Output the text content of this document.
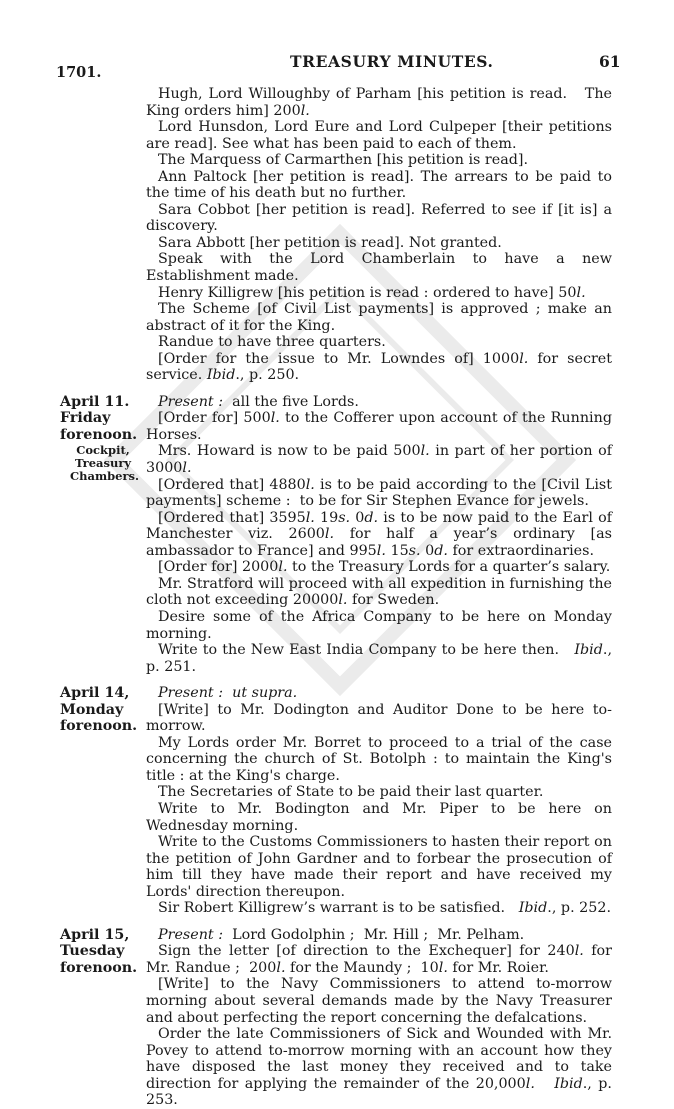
1701.
TREASURY MINUTES.	61

Hugh, Lord Willoughby of Parham [his petition is read.   The King orders him] 200l.

Lord Hunsdon, Lord Eure and Lord Culpeper [their petitions are read]. See what has been paid to each of them.

The Marquess of Carmarthen [his petition is read].

Ann Paltock [her petition is read]. The arrears to be paid to the time of his death but no further.

Sara Cobbot [her petition is read]. Referred to see if [it is] a discovery.

Sara Abbott [her petition is read]. Not granted.

Speak with the Lord Chamberlain to have a new Establishment made.

Henry Killigrew [his petition is read : ordered to have] 50l.

The Scheme [of Civil List payments] is approved ; make an abstract of it for the King.

Randue to have three quarters.

[Order for the issue to Mr. Lowndes of] 1000l. for secret service. Ibid., p. 250.

April 11.
Friday
forenoon.
Cockpit,
Treasury
Chambers.

Present :  all the five Lords.

[Order for] 500l. to the Cofferer upon account of the Running Horses.

Mrs. Howard is now to be paid 500l. in part of her portion of 3000l.

[Ordered that] 4880l. is to be paid according to the [Civil List payments] scheme :  to be for Sir Stephen Evance for jewels.

[Ordered that] 3595l. 19s. 0d. is to be now paid to the Earl of Manchester viz. 2600l. for half a year’s ordinary [as ambassador to France] and 995l. 15s. 0d. for extraordinaries.

[Order for] 2000l. to the Treasury Lords for a quarter’s salary.

Mr. Stratford will proceed with all expedition in furnishing the cloth not exceeding 20000l. for Sweden.

Desire some of the Africa Company to be here on Monday morning.

Write to the New East India Company to be here then.   Ibid., p. 251.

April 14,
Monday
forenoon.

Present :  ut supra.

[Write] to Mr. Dodington and Auditor Done to be here to-morrow.

My Lords order Mr. Borret to proceed to a trial of the case concerning the church of St. Botolph : to maintain the King's title : at the King's charge.

The Secretaries of State to be paid their last quarter.

Write to Mr. Bodington and Mr. Piper to be here on Wednesday morning.

Write to the Customs Commissioners to hasten their report on the petition of John Gardner and to forbear the prosecution of him till they have made their report and have received my Lords' direction thereupon.

Sir Robert Killigrew’s warrant is to be satisfied.   Ibid., p. 252.

April 15,
Tuesday
forenoon.

Present :  Lord Godolphin ;  Mr. Hill ;  Mr. Pelham.

Sign the letter [of direction to the Exchequer] for 240l. for Mr. Randue ;  200l. for the Maundy ;  10l. for Mr. Roier.

[Write] to the Navy Commissioners to attend to-morrow morning about several demands made by the Navy Treasurer and about perfecting the report concerning the defalcations.

Order the late Commissioners of Sick and Wounded with Mr. Povey to attend to-morrow morning with an account how they have disposed the last money they received and to take direction for applying the remainder of the 20,000l. Ibid., p. 253.
